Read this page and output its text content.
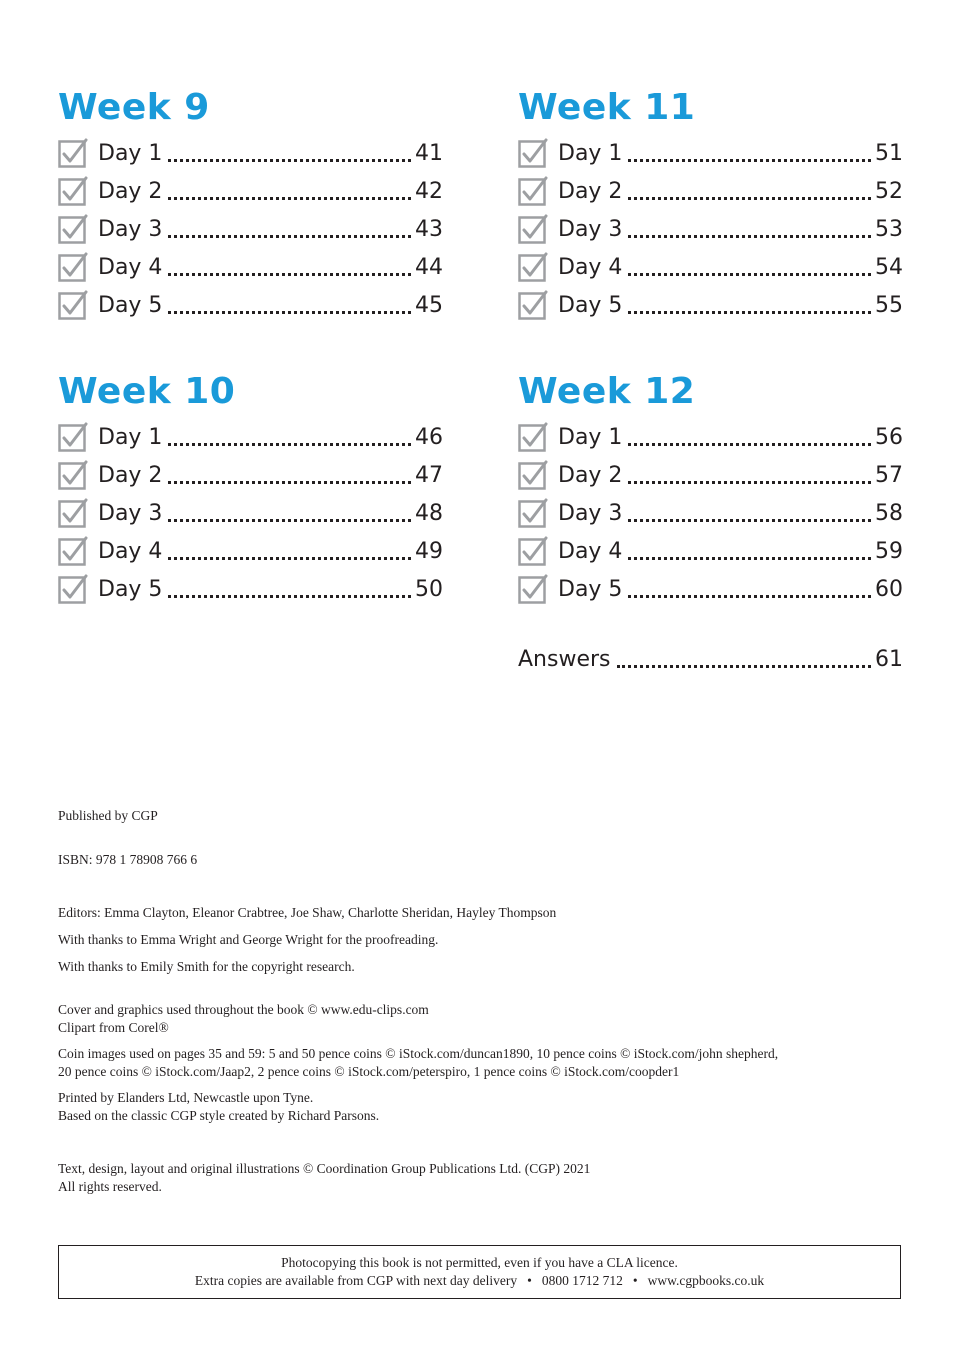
Week 9
Day 1	41
Day 2	42
Day 3	43
Day 4	44
Day 5	45
Week 11
Day 1	51
Day 2	52
Day 3	53
Day 4	54
Day 5	55
Week 10
Day 1	46
Day 2	47
Day 3	48
Day 4	49
Day 5	50
Week 12
Day 1	56
Day 2	57
Day 3	58
Day 4	59
Day 5	60
Answers	61

Published by CGP

ISBN: 978 1 78908 766 6

Editors: Emma Clayton, Eleanor Crabtree, Joe Shaw, Charlotte Sheridan, Hayley Thompson

With thanks to Emma Wright and George Wright for the proofreading.

With thanks to Emily Smith for the copyright research.

Cover and graphics used throughout the book © www.edu-clips.com

Clipart from Corel®

Coin images used on pages 35 and 59: 5 and 50 pence coins © iStock.com/duncan1890, 10 pence coins © iStock.com/john shepherd,

20 pence coins © iStock.com/Jaap2, 2 pence coins © iStock.com/peterspiro, 1 pence coins © iStock.com/coopder1

Printed by Elanders Ltd, Newcastle upon Tyne.

Based on the classic CGP style created by Richard Parsons.

Text, design, layout and original illustrations © Coordination Group Publications Ltd. (CGP) 2021

All rights reserved.

Photocopying this book is not permitted, even if you have a CLA licence.
Extra copies are available from CGP with next day delivery • 0800 1712 712 • www.cgpbooks.co.uk
